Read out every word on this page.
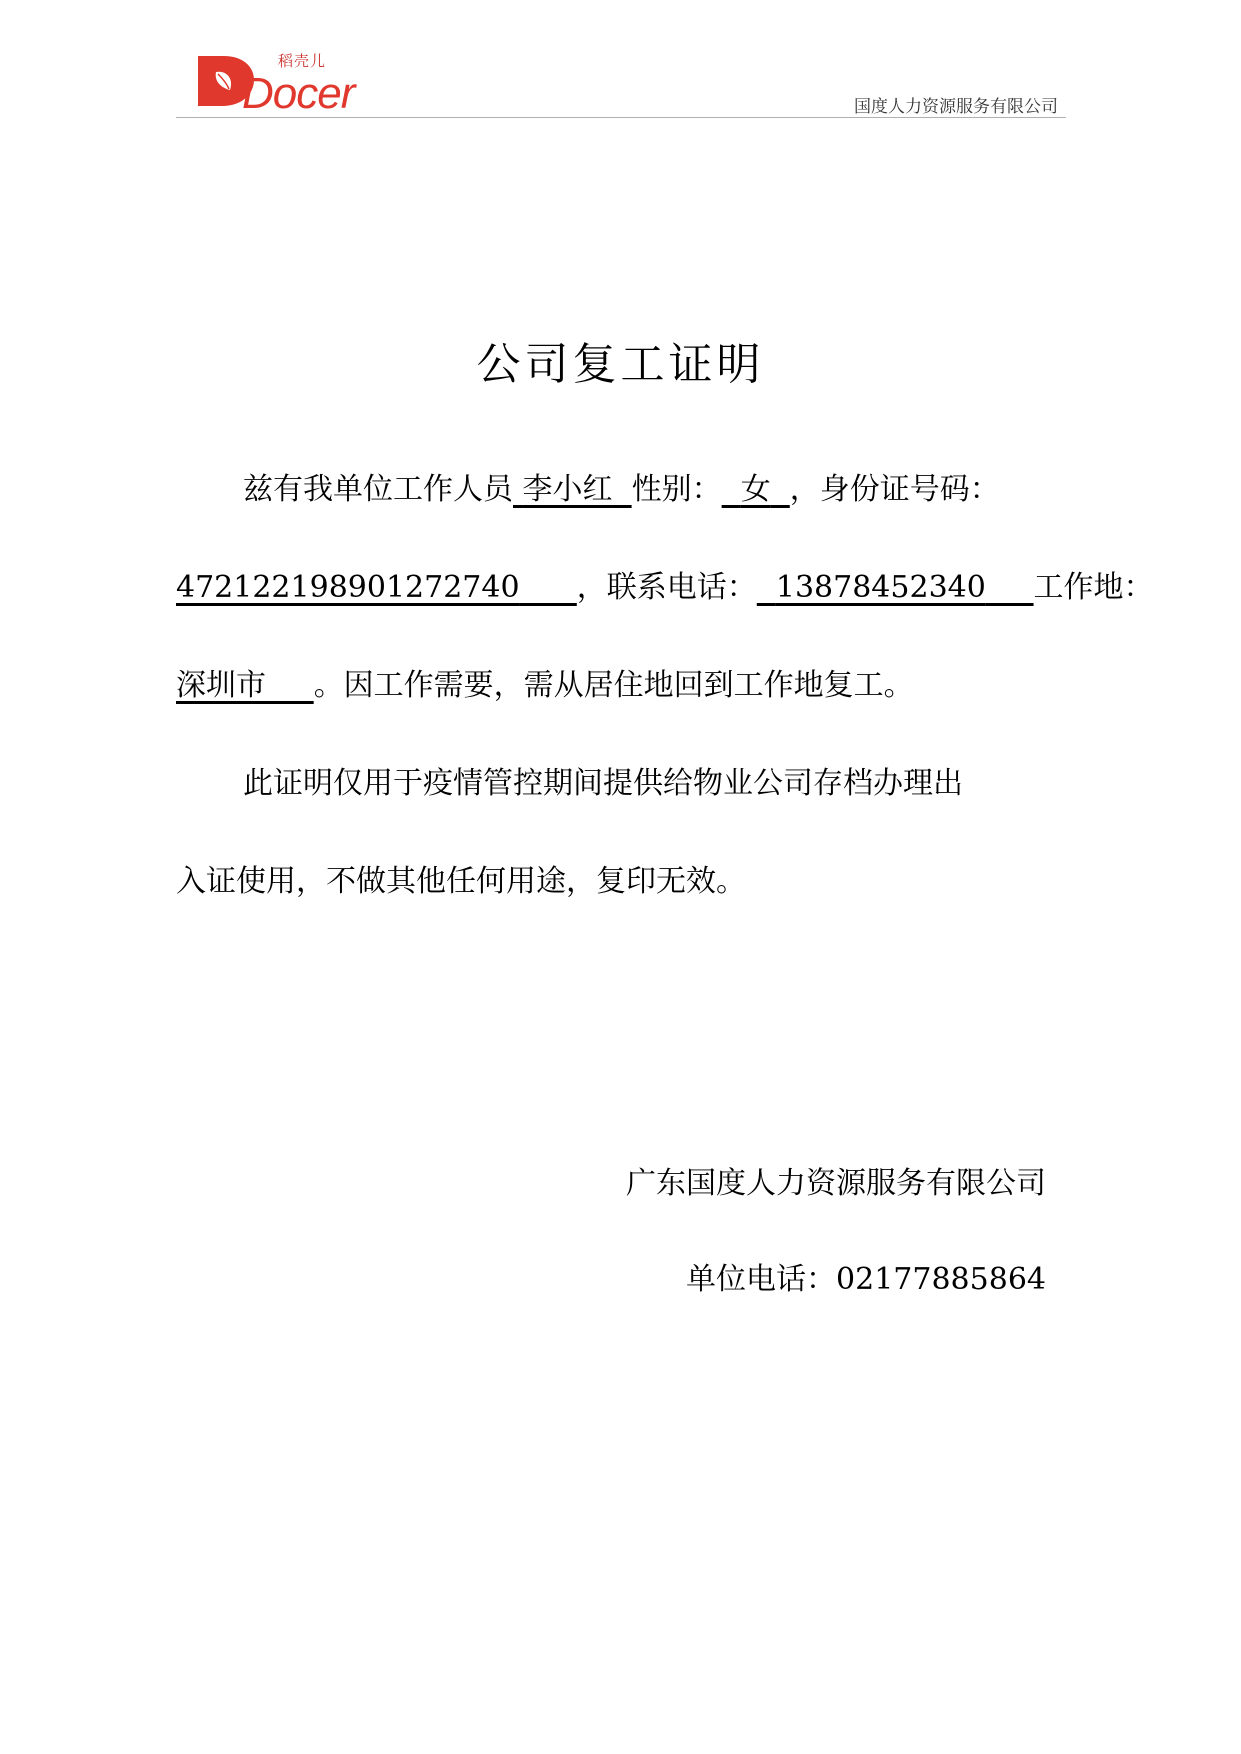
稻壳儿
Docer	国度人力资源服务有限公司
公司复工证明
兹有我单位工作人员 李小红 性别： 女 ，身份证号码：
472122198901272740 ，联系电话： 13878452340 工作地：
深圳市 。因工作需要，需从居住地回到工作地复工。
此证明仅用于疫情管控期间提供给物业公司存档办理出
入证使用，不做其他任何用途，复印无效。
广东国度人力资源服务有限公司
单位电话：02177885864
